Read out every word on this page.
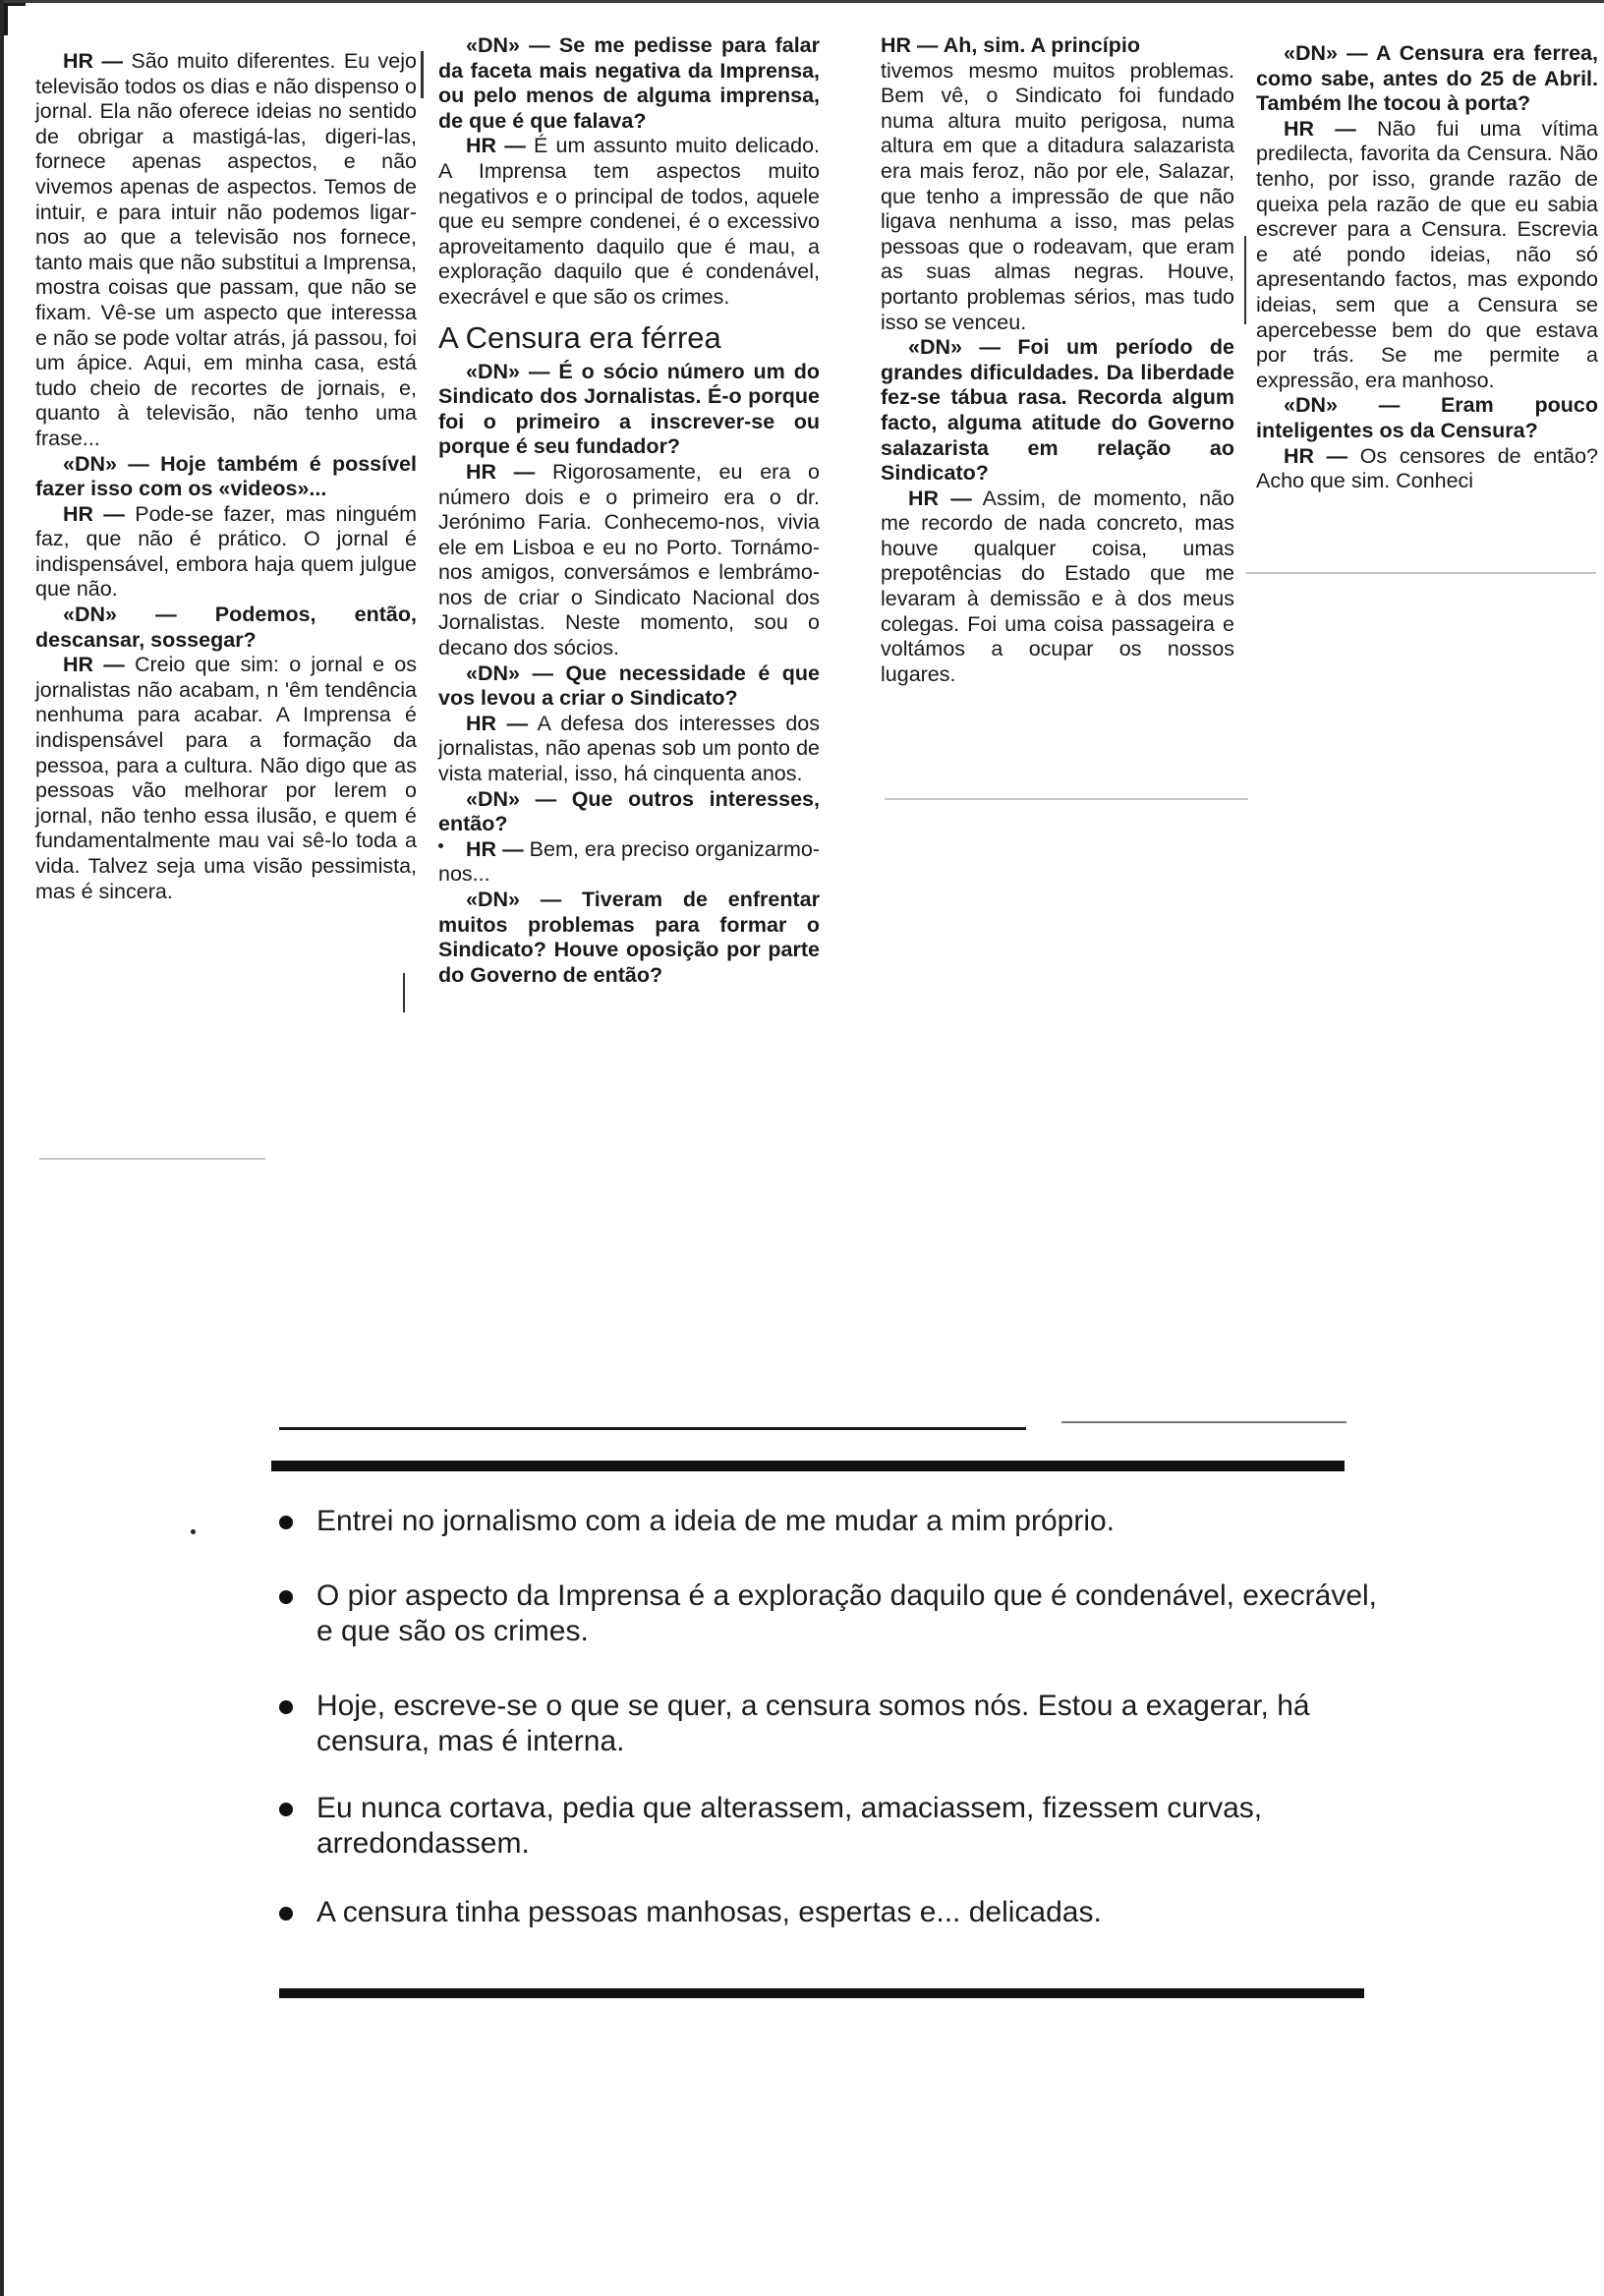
HR — São muito diferentes. Eu vejo televisão todos os dias e não dispenso o jornal. Ela não oferece ideias no sentido de obrigar a mastigá-las, digeri-las, fornece apenas aspectos, e não vivemos apenas de aspectos. Temos de intuir, e para intuir não podemos ligar-nos ao que a televisão nos fornece, tanto mais que não substitui a Imprensa, mostra coisas que passam, que não se fixam. Vê-se um aspecto que interessa e não se pode voltar atrás, já passou, foi um ápice. Aqui, em minha casa, está tudo cheio de recortes de jornais, e, quanto à televisão, não tenho uma frase...

«DN» — Hoje também é possível fazer isso com os «videos»...

HR — Pode-se fazer, mas ninguém faz, que não é prático. O jornal é indispensável, embora haja quem julgue que não.

«DN» — Podemos, então, descansar, sossegar?

HR — Creio que sim: o jornal e os jornalistas não acabam, n 'êm tendência nenhuma para acabar. A Imprensa é indispensável para a formação da pessoa, para a cultura. Não digo que as pessoas vão melhorar por lerem o jornal, não tenho essa ilusão, e quem é fundamentalmente mau vai sê-lo toda a vida. Talvez seja uma visão pessimista, mas é sincera.

«DN» — Se me pedisse para falar da faceta mais negativa da Imprensa, ou pelo menos de alguma imprensa, de que é que falava?

HR — É um assunto muito delicado. A Imprensa tem aspectos muito negativos e o principal de todos, aquele que eu sempre condenei, é o excessivo aproveitamento daquilo que é mau, a exploração daquilo que é condenável, execrável e que são os crimes.

A Censura era férrea

«DN» — É o sócio número um do Sindicato dos Jornalistas. É-o porque foi o primeiro a inscrever-se ou porque é seu fundador?

HR — Rigorosamente, eu era o número dois e o primeiro era o dr. Jerónimo Faria. Conhecemo-nos, vivia ele em Lisboa e eu no Porto. Tornámo-nos amigos, conversámos e lembrámo-nos de criar o Sindicato Nacional dos Jornalistas. Neste momento, sou o decano dos sócios.

«DN» — Que necessidade é que vos levou a criar o Sindicato?

HR — A defesa dos interesses dos jornalistas, não apenas sob um ponto de vista material, isso, há cinquenta anos.

«DN» — Que outros interesses, então?

HR — Bem, era preciso organizarmo-nos...

«DN» — Tiveram de enfrentar muitos problemas para formar o Sindicato? Houve oposição por parte do Governo de então?

HR — Ah, sim. A princípio

tivemos mesmo muitos problemas. Bem vê, o Sindicato foi fundado numa altura muito perigosa, numa altura em que a ditadura salazarista era mais feroz, não por ele, Salazar, que tenho a impressão de que não ligava nenhuma a isso, mas pelas pessoas que o rodeavam, que eram as suas almas negras. Houve, portanto problemas sérios, mas tudo isso se venceu.

«DN» — Foi um período de grandes dificuldades. Da liberdade fez-se tábua rasa. Recorda algum facto, alguma atitude do Governo salazarista em relação ao Sindicato?

HR — Assim, de momento, não me recordo de nada concreto, mas houve qualquer coisa, umas prepotências do Estado que me levaram à demissão e à dos meus colegas. Foi uma coisa passageira e voltámos a ocupar os nossos lugares.

«DN» — A Censura era ferrea, como sabe, antes do 25 de Abril. Também lhe tocou à porta?

HR — Não fui uma vítima predilecta, favorita da Censura. Não tenho, por isso, grande razão de queixa pela razão de que eu sabia escrever para a Censura. Escrevia e até pondo ideias, não só apresentando factos, mas expondo ideias, sem que a Censura se apercebesse bem do que estava por trás. Se me permite a expressão, era manhoso.

«DN» — Eram pouco inteligentes os da Censura?

HR — Os censores de então? Acho que sim. Conheci

Entrei no jornalismo com a ideia de me mudar a mim próprio.
O pior aspecto da Imprensa é a exploração daquilo que é condenável, execrável, e que são os crimes.
Hoje, escreve-se o que se quer, a censura somos nós. Estou a exagerar, há censura, mas é interna.
Eu nunca cortava, pedia que alterassem, amaciassem, fizessem curvas, arredondassem.
A censura tinha pessoas manhosas, espertas e... delicadas.
